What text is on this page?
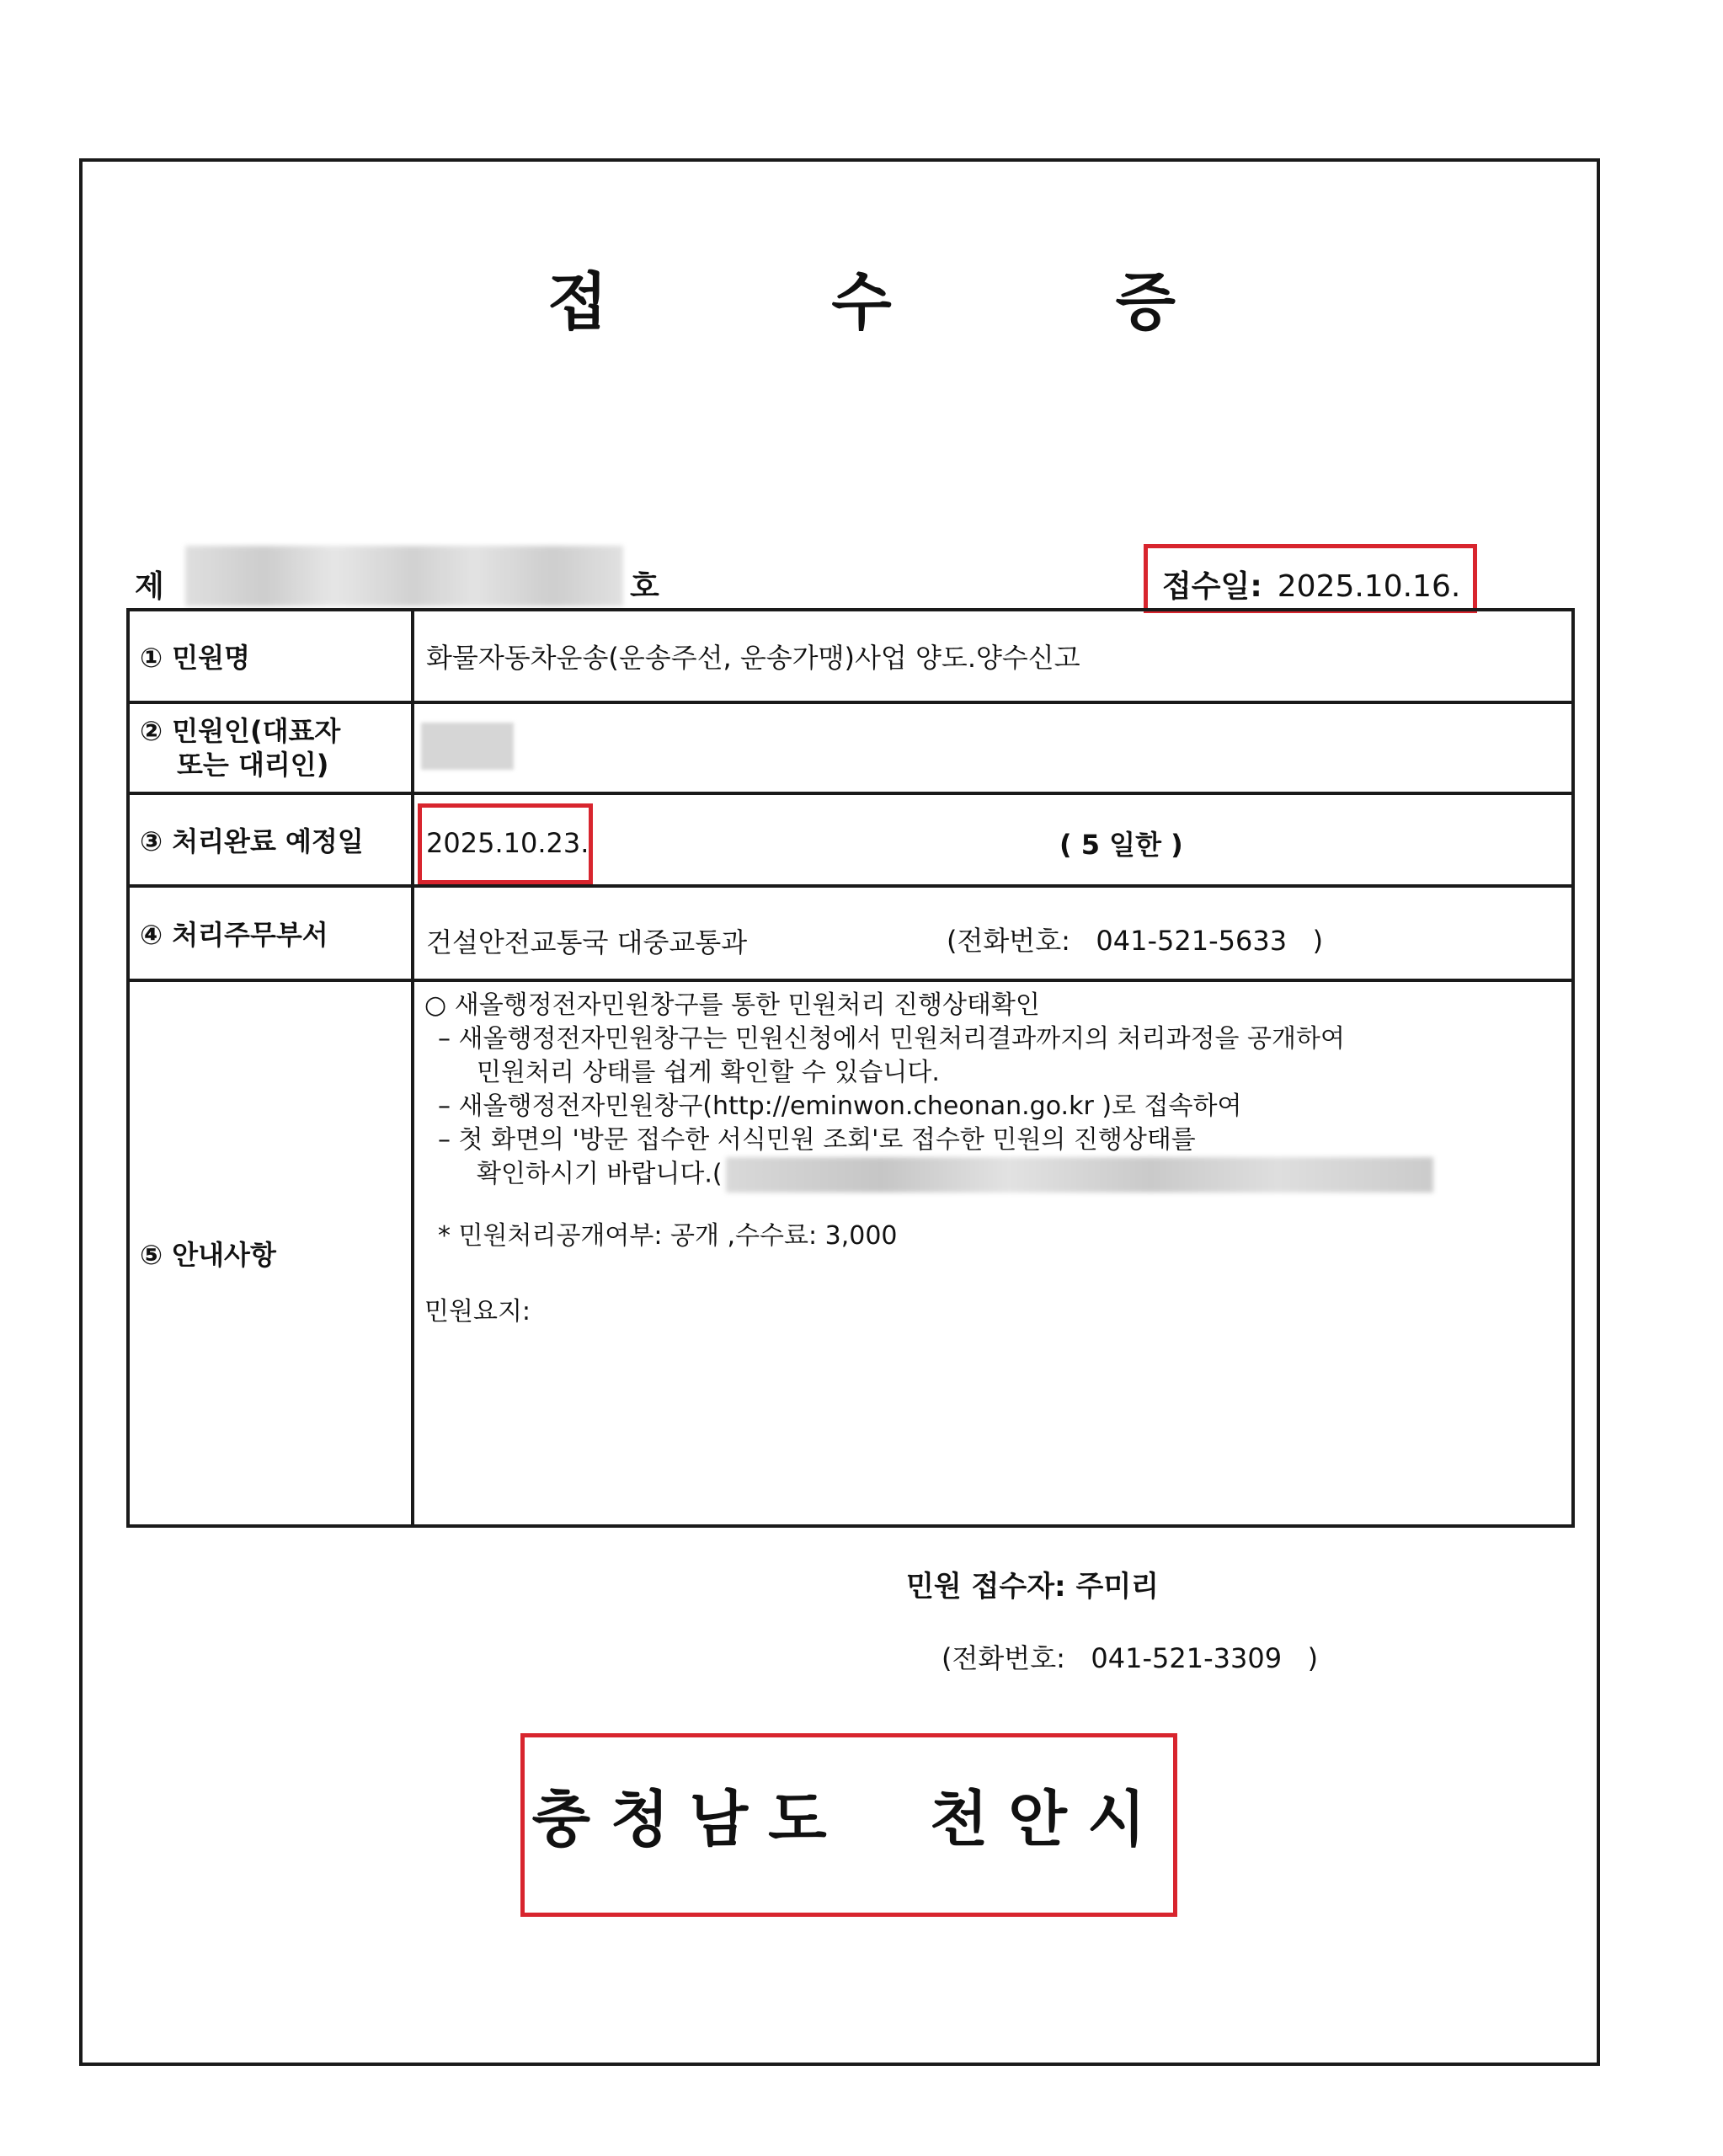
접 수 증
제	호	접수일: 2025.10.16.
① 민원명	화물자동차운송(운송주선, 운송가맹)사업 양도.양수신고
② 민원인(대표자
또는 대리인)
③ 처리완료 예정일	2025.10.23.	( 5 일한 )
④ 처리주무부서	건설안전교통국 대중교통과	(전화번호:   041-521-5633   )
⑤ 안내사항
○ 새올행정전자민원창구를 통한 민원처리 진행상태확인
– 새올행정전자민원창구는 민원신청에서 민원처리결과까지의 처리과정을 공개하여
민원처리 상태를 쉽게 확인할 수 있습니다.
– 새올행정전자민원창구(http://eminwon.cheonan.go.kr )로 접속하여
– 첫 화면의 '방문 접수한 서식민원 조회'로 접수한 민원의 진행상태를
확인하시기 바랍니다.(
* 민원처리공개여부: 공개 ,수수료: 3,000
민원요지:
민원 접수자: 주미리
(전화번호:   041-521-3309   )
충청남도  천안시
